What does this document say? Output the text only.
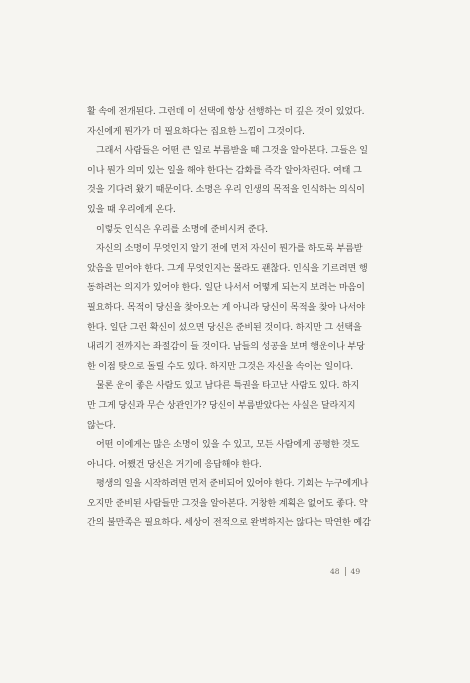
활 속에 전개된다. 그런데 이 선택에 항상 선행하는 더 깊은 것이 있었다.
자신에게 뭔가가 더 필요하다는 집요한 느낌이 그것이다.
그래서 사람들은 어떤 큰 일로 부름받을 때 그것을 알아본다. 그들은 일
이나 뭔가 의미 있는 일을 해야 한다는 감화를 즉각 알아차린다. 여태 그
것을 기다려 왔기 때문이다. 소명은 우리 인생의 목적을 인식하는 의식이
있을 때 우리에게 온다.
이렇듯 인식은 우리를 소명에 준비시켜 준다.
자신의 소명이 무엇인지 알기 전에 먼저 자신이 뭔가를 하도록 부름받
았음을 믿어야 한다. 그게 무엇인지는 몰라도 괜찮다. 인식을 기르려면 행
동하려는 의지가 있어야 한다. 일단 나서서 어떻게 되는지 보려는 마음이
필요하다. 목적이 당신을 찾아오는 게 아니라 당신이 목적을 찾아 나서야
한다. 일단 그런 확신이 섰으면 당신은 준비된 것이다. 하지만 그 선택을
내리기 전까지는 좌절감이 들 것이다. 남들의 성공을 보며 행운이나 부당
한 이점 탓으로 돌릴 수도 있다. 하지만 그것은 자신을 속이는 일이다.
물론 운이 좋은 사람도 있고 남다른 특권을 타고난 사람도 있다. 하지
만 그게 당신과 무슨 상관인가? 당신이 부름받았다는 사실은 달라지지
않는다.
어떤 이에게는 많은 소명이 있을 수 있고, 모든 사람에게 공평한 것도
아니다. 어쨌건 당신은 거기에 응답해야 한다.
평생의 일을 시작하려면 먼저 준비되어 있어야 한다. 기회는 누구에게나
오지만 준비된 사람들만 그것을 알아본다. 거창한 계획은 없어도 좋다. 약
간의 불만족은 필요하다. 세상이 전적으로 완벽하지는 않다는 막연한 예감
48 49
